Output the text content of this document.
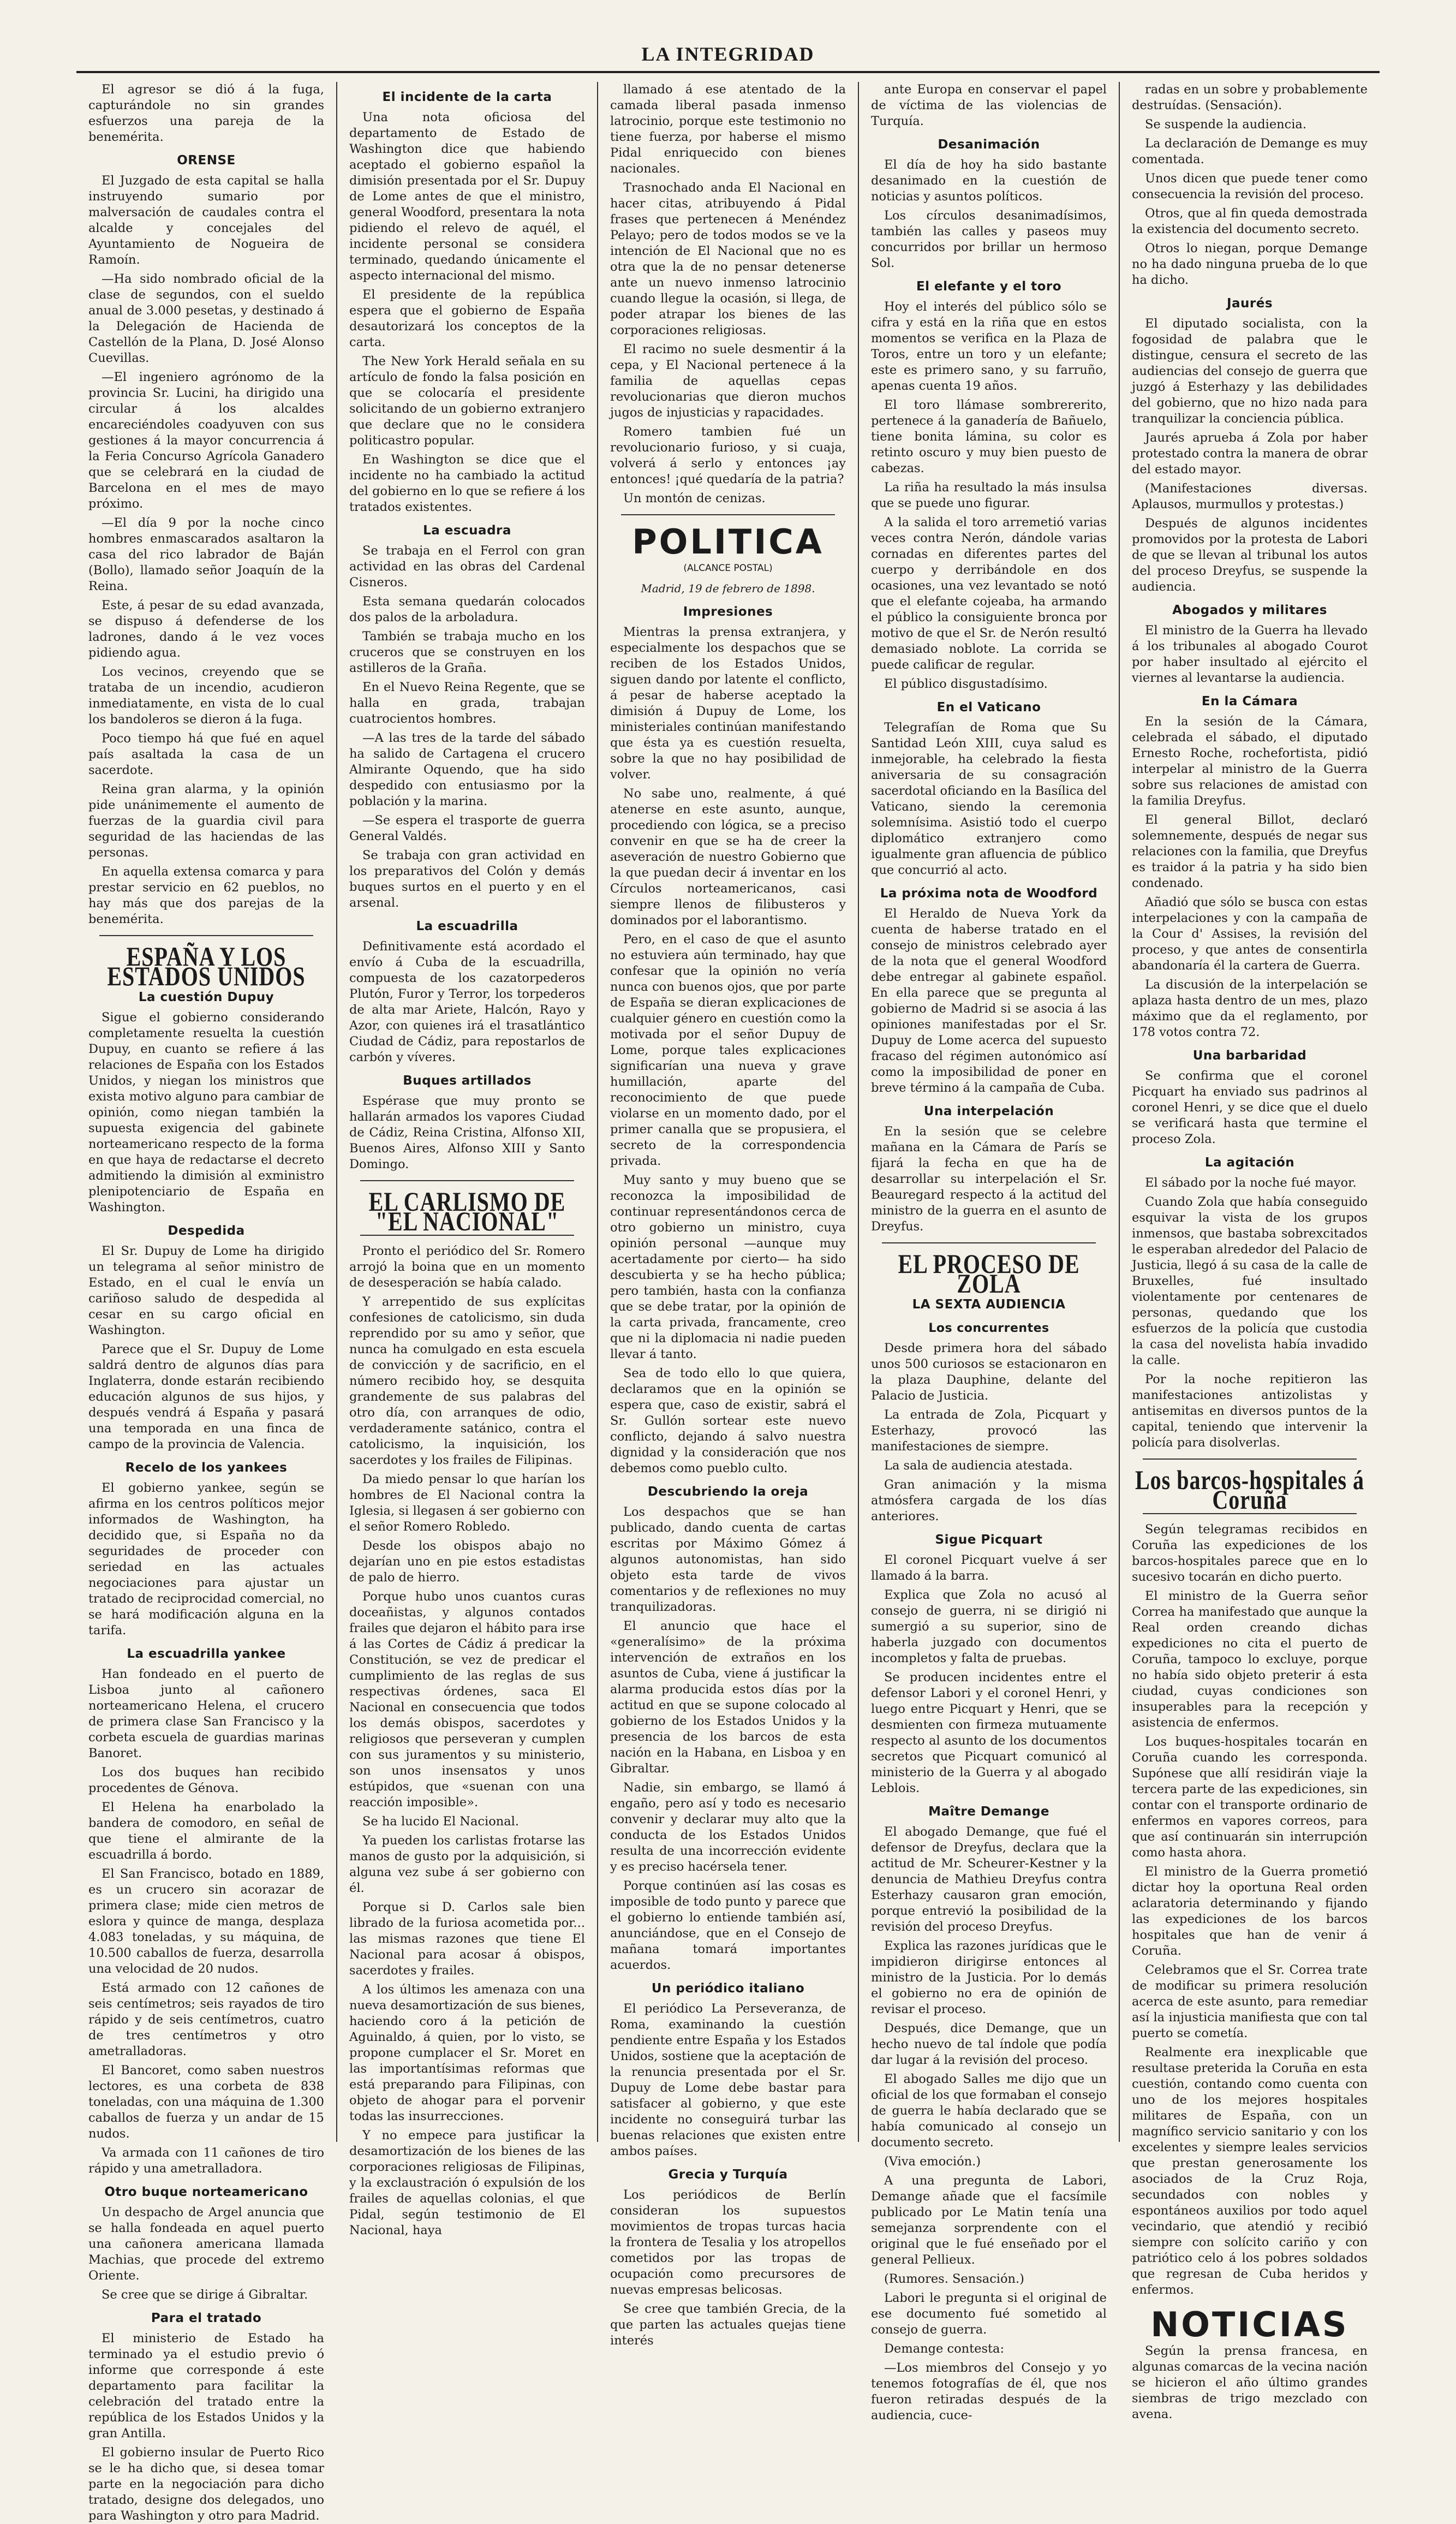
LA INTEGRIDAD

El agresor se dió á la fuga, capturándole no sin grandes esfuerzos una pareja de la benemérita.

ORENSE

El Juzgado de esta capital se halla instruyendo sumario por malversación de caudales contra el alcalde y concejales del Ayuntamiento de Nogueira de Ramoín.

—Ha sido nombrado oficial de la clase de segundos, con el sueldo anual de 3.000 pesetas, y destinado á la Delegación de Hacienda de Castellón de la Plana, D. José Alonso Cuevillas.

—El ingeniero agrónomo de la provincia Sr. Lucini, ha dirigido una circular á los alcaldes encareciéndoles coadyuven con sus gestiones á la mayor concurrencia á la Feria Concurso Agrícola Ganadero que se celebrará en la ciudad de Barcelona en el mes de mayo próximo.

—El día 9 por la noche cinco hombres enmascarados asaltaron la casa del rico labrador de Baján (Bollo), llamado señor Joaquín de la Reina.

Este, á pesar de su edad avanzada, se dispuso á defenderse de los ladrones, dando á le vez voces pidiendo agua.

Los vecinos, creyendo que se trataba de un incendio, acudieron inmediatamente, en vista de lo cual los bandoleros se dieron á la fuga.

Poco tiempo há que fué en aquel país asaltada la casa de un sacerdote.

Reina gran alarma, y la opinión pide unánimemente el aumento de fuerzas de la guardia civil para seguridad de las haciendas de las personas.

En aquella extensa comarca y para prestar servicio en 62 pueblos, no hay más que dos parejas de la benemérita.

ESPAÑA Y LOS ESTADOS UNIDOS
La cuestión Dupuy

Sigue el gobierno considerando completamente resuelta la cuestión Dupuy, en cuanto se refiere á las relaciones de España con los Estados Unidos, y niegan los ministros que exista motivo alguno para cambiar de opinión, como niegan también la supuesta exigencia del gabinete norteamericano respecto de la forma en que haya de redactarse el decreto admitiendo la dimisión al exministro plenipotenciario de España en Washington.

Despedida

El Sr. Dupuy de Lome ha dirigido un telegrama al señor ministro de Estado, en el cual le envía un cariñoso saludo de despedida al cesar en su cargo oficial en Washington.

Parece que el Sr. Dupuy de Lome saldrá dentro de algunos días para Inglaterra, donde estarán recibiendo educación algunos de sus hijos, y después vendrá á España y pasará una temporada en una finca de campo de la provincia de Valencia.

Recelo de los yankees

El gobierno yankee, según se afirma en los centros políticos mejor informados de Washington, ha decidido que, si España no da seguridades de proceder con seriedad en las actuales negociaciones para ajustar un tratado de reciprocidad comercial, no se hará modificación alguna en la tarifa.

La escuadrilla yankee

Han fondeado en el puerto de Lisboa junto al cañonero norteamericano Helena, el crucero de primera clase San Francisco y la corbeta escuela de guardias marinas Banoret.

Los dos buques han recibido procedentes de Génova.

El Helena ha enarbolado la bandera de comodoro, en señal de que tiene el almirante de la escuadrilla á bordo.

El San Francisco, botado en 1889, es un crucero sin acorazar de primera clase; mide cien metros de eslora y quince de manga, desplaza 4.083 toneladas, y su máquina, de 10.500 caballos de fuerza, desarrolla una velocidad de 20 nudos.

Está armado con 12 cañones de seis centímetros; seis rayados de tiro rápido y de seis centímetros, cuatro de tres centímetros y otro ametralladoras.

El Bancoret, como saben nuestros lectores, es una corbeta de 838 toneladas, con una máquina de 1.300 caballos de fuerza y un andar de 15 nudos.

Va armada con 11 cañones de tiro rápido y una ametralladora.

Otro buque norteamericano

Un despacho de Argel anuncia que se halla fondeada en aquel puerto una cañonera americana llamada Machias, que procede del extremo Oriente.

Se cree que se dirige á Gibraltar.

Para el tratado

El ministerio de Estado ha terminado ya el estudio previo ó informe que corresponde á este departamento para facilitar la celebración del tratado entre la república de los Estados Unidos y la gran Antilla.

El gobierno insular de Puerto Rico se le ha dicho que, si desea tomar parte en la negociación para dicho tratado, designe dos delegados, uno para Washington y otro para Madrid.

El incidente de la carta

Una nota oficiosa del departamento de Estado de Washington dice que habiendo aceptado el gobierno español la dimisión presentada por el Sr. Dupuy de Lome antes de que el ministro, general Woodford, presentara la nota pidiendo el relevo de aquél, el incidente personal se considera terminado, quedando únicamente el aspecto internacional del mismo.

El presidente de la república espera que el gobierno de España desautorizará los conceptos de la carta.

The New York Herald señala en su artículo de fondo la falsa posición en que se colocaría el presidente solicitando de un gobierno extranjero que declare que no le considera politicastro popular.

En Washington se dice que el incidente no ha cambiado la actitud del gobierno en lo que se refiere á los tratados existentes.

La escuadra

Se trabaja en el Ferrol con gran actividad en las obras del Cardenal Cisneros.

Esta semana quedarán colocados dos palos de la arboladura.

También se trabaja mucho en los cruceros que se construyen en los astilleros de la Graña.

En el Nuevo Reina Regente, que se halla en grada, trabajan cuatrocientos hombres.

—A las tres de la tarde del sábado ha salido de Cartagena el crucero Almirante Oquendo, que ha sido despedido con entusiasmo por la población y la marina.

—Se espera el trasporte de guerra General Valdés.

Se trabaja con gran actividad en los preparativos del Colón y demás buques surtos en el puerto y en el arsenal.

La escuadrilla

Definitivamente está acordado el envío á Cuba de la escuadrilla, compuesta de los cazatorpederos Plutón, Furor y Terror, los torpederos de alta mar Ariete, Halcón, Rayo y Azor, con quienes irá el trasatlántico Ciudad de Cádiz, para repostarlos de carbón y víveres.

Buques artillados

Espérase que muy pronto se hallarán armados los vapores Ciudad de Cádiz, Reina Cristina, Alfonso XII, Buenos Aires, Alfonso XIII y Santo Domingo.

EL CARLISMO DE "EL NACIONAL"

Pronto el periódico del Sr. Romero arrojó la boina que en un momento de desesperación se había calado.

Y arrepentido de sus explícitas confesiones de catolicismo, sin duda reprendido por su amo y señor, que nunca ha comulgado en esta escuela de convicción y de sacrificio, en el número recibido hoy, se desquita grandemente de sus palabras del otro día, con arranques de odio, verdaderamente satánico, contra el catolicismo, la inquisición, los sacerdotes y los frailes de Filipinas.

Da miedo pensar lo que harían los hombres de El Nacional contra la Iglesia, si llegasen á ser gobierno con el señor Romero Robledo.

Desde los obispos abajo no dejarían uno en pie estos estadistas de palo de hierro.

Porque hubo unos cuantos curas doceañistas, y algunos contados frailes que dejaron el hábito para irse á las Cortes de Cádiz á predicar la Constitución, se vez de predicar el cumplimiento de las reglas de sus respectivas órdenes, saca El Nacional en consecuencia que todos los demás obispos, sacerdotes y religiosos que perseveran y cumplen con sus juramentos y su ministerio, son unos insensatos y unos estúpidos, que «suenan con una reacción imposible».

Se ha lucido El Nacional.

Ya pueden los carlistas frotarse las manos de gusto por la adquisición, si alguna vez sube á ser gobierno con él.

Porque si D. Carlos sale bien librado de la furiosa acometida por... las mismas razones que tiene El Nacional para acosar á obispos, sacerdotes y frailes.

A los últimos les amenaza con una nueva desamortización de sus bienes, haciendo coro á la petición de Aguinaldo, á quien, por lo visto, se propone cumplacer el Sr. Moret en las importantísimas reformas que está preparando para Filipinas, con objeto de ahogar para el porvenir todas las insurrecciones.

Y no empece para justificar la desamortización de los bienes de las corporaciones religiosas de Filipinas, y la exclaustración ó expulsión de los frailes de aquellas colonias, el que Pidal, según testimonio de El Nacional, haya

llamado á ese atentado de la camada liberal pasada inmenso latrocinio, porque este testimonio no tiene fuerza, por haberse el mismo Pidal enriquecido con bienes nacionales.

Trasnochado anda El Nacional en hacer citas, atribuyendo á Pidal frases que pertenecen á Menéndez Pelayo; pero de todos modos se ve la intención de El Nacional que no es otra que la de no pensar detenerse ante un nuevo inmenso latrocinio cuando llegue la ocasión, si llega, de poder atrapar los bienes de las corporaciones religiosas.

El racimo no suele desmentir á la cepa, y El Nacional pertenece á la familia de aquellas cepas revolucionarias que dieron muchos jugos de injusticias y rapacidades.

Romero tambien fué un revolucionario furioso, y si cuaja, volverá á serlo y entonces ¡ay entonces! ¡qué quedaría de la patria?

Un montón de cenizas.

POLITICA
(ALCANCE POSTAL)
Madrid, 19 de febrero de 1898.
Impresiones

Mientras la prensa extranjera, y especialmente los despachos que se reciben de los Estados Unidos, siguen dando por latente el conflicto, á pesar de haberse aceptado la dimisión á Dupuy de Lome, los ministeriales continúan manifestando que ésta ya es cuestión resuelta, sobre la que no hay posibilidad de volver.

No sabe uno, realmente, á qué atenerse en este asunto, aunque, procediendo con lógica, se a preciso convenir en que se ha de creer la aseveración de nuestro Gobierno que la que puedan decir á inventar en los Círculos norteamericanos, casi siempre llenos de filibusteros y dominados por el laborantismo.

Pero, en el caso de que el asunto no estuviera aún terminado, hay que confesar que la opinión no vería nunca con buenos ojos, que por parte de España se dieran explicaciones de cualquier género en cuestión como la motivada por el señor Dupuy de Lome, porque tales explicaciones significarían una nueva y grave humillación, aparte del reconocimiento de que puede violarse en un momento dado, por el primer canalla que se propusiera, el secreto de la correspondencia privada.

Muy santo y muy bueno que se reconozca la imposibilidad de continuar representándonos cerca de otro gobierno un ministro, cuya opinión personal —aunque muy acertadamente por cierto— ha sido descubierta y se ha hecho pública; pero también, hasta con la confianza que se debe tratar, por la opinión de la carta privada, francamente, creo que ni la diplomacia ni nadie pueden llevar á tanto.

Sea de todo ello lo que quiera, declaramos que en la opinión se espera que, caso de existir, sabrá el Sr. Gullón sortear este nuevo conflicto, dejando á salvo nuestra dignidad y la consideración que nos debemos como pueblo culto.

Descubriendo la oreja

Los despachos que se han publicado, dando cuenta de cartas escritas por Máximo Gómez á algunos autonomistas, han sido objeto esta tarde de vivos comentarios y de reflexiones no muy tranquilizadoras.

El anuncio que hace el «generalísimo» de la próxima intervención de extraños en los asuntos de Cuba, viene á justificar la alarma producida estos días por la actitud en que se supone colocado al gobierno de los Estados Unidos y la presencia de los barcos de esta nación en la Habana, en Lisboa y en Gibraltar.

Nadie, sin embargo, se llamó á engaño, pero así y todo es necesario convenir y declarar muy alto que la conducta de los Estados Unidos resulta de una incorrección evidente y es preciso hacérsela tener.

Porque continúen así las cosas es imposible de todo punto y parece que el gobierno lo entiende también así, anunciándose, que en el Consejo de mañana tomará importantes acuerdos.

Un periódico italiano

El periódico La Perseveranza, de Roma, examinando la cuestión pendiente entre España y los Estados Unidos, sostiene que la aceptación de la renuncia presentada por el Sr. Dupuy de Lome debe bastar para satisfacer al gobierno, y que este incidente no conseguirá turbar las buenas relaciones que existen entre ambos países.

Grecia y Turquía

Los periódicos de Berlín consideran los supuestos movimientos de tropas turcas hacia la frontera de Tesalia y los atropellos cometidos por las tropas de ocupación como precursores de nuevas empresas belicosas.

Se cree que también Grecia, de la que parten las actuales quejas tiene interés

ante Europa en conservar el papel de víctima de las violencias de Turquía.

Desanimación

El día de hoy ha sido bastante desanimado en la cuestión de noticias y asuntos políticos.

Los círculos desanimadísimos, también las calles y paseos muy concurridos por brillar un hermoso Sol.

El elefante y el toro

Hoy el interés del público sólo se cifra y está en la riña que en estos momentos se verifica en la Plaza de Toros, entre un toro y un elefante; este es primero sano, y su farruño, apenas cuenta 19 años.

El toro llámase sombrererito, pertenece á la ganadería de Bañuelo, tiene bonita lámina, su color es retinto oscuro y muy bien puesto de cabezas.

La riña ha resultado la más insulsa que se puede uno figurar.

A la salida el toro arremetió varias veces contra Nerón, dándole varias cornadas en diferentes partes del cuerpo y derribándole en dos ocasiones, una vez levantado se notó que el elefante cojeaba, ha armando el público la consiguiente bronca por motivo de que el Sr. de Nerón resultó demasiado noblote. La corrida se puede calificar de regular.

El público disgustadísimo.

En el Vaticano

Telegrafían de Roma que Su Santidad León XIII, cuya salud es inmejorable, ha celebrado la fiesta aniversaria de su consagración sacerdotal oficiando en la Basílica del Vaticano, siendo la ceremonia solemnísima. Asistió todo el cuerpo diplomático extranjero como igualmente gran afluencia de público que concurrió al acto.

La próxima nota de Woodford

El Heraldo de Nueva York da cuenta de haberse tratado en el consejo de ministros celebrado ayer de la nota que el general Woodford debe entregar al gabinete español. En ella parece que se pregunta al gobierno de Madrid si se asocia á las opiniones manifestadas por el Sr. Dupuy de Lome acerca del supuesto fracaso del régimen autonómico así como la imposibilidad de poner en breve término á la campaña de Cuba.

Una interpelación

En la sesión que se celebre mañana en la Cámara de París se fijará la fecha en que ha de desarrollar su interpelación el Sr. Beauregard respecto á la actitud del ministro de la guerra en el asunto de Dreyfus.

EL PROCESO DE ZOLA
LA SEXTA AUDIENCIA
Los concurrentes

Desde primera hora del sábado unos 500 curiosos se estacionaron en la plaza Dauphine, delante del Palacio de Justicia.

La entrada de Zola, Picquart y Esterhazy, provocó las manifestaciones de siempre.

La sala de audiencia atestada.

Gran animación y la misma atmósfera cargada de los días anteriores.

Sigue Picquart

El coronel Picquart vuelve á ser llamado á la barra.

Explica que Zola no acusó al consejo de guerra, ni se dirigió ni sumergió a su superior, sino de haberla juzgado con documentos incompletos y falta de pruebas.

Se producen incidentes entre el defensor Labori y el coronel Henri, y luego entre Picquart y Henri, que se desmienten con firmeza mutuamente respecto al asunto de los documentos secretos que Picquart comunicó al ministerio de la Guerra y al abogado Leblois.

Maître Demange

El abogado Demange, que fué el defensor de Dreyfus, declara que la actitud de Mr. Scheurer-Kestner y la denuncia de Mathieu Dreyfus contra Esterhazy causaron gran emoción, porque entrevió la posibilidad de la revisión del proceso Dreyfus.

Explica las razones jurídicas que le impidieron dirigirse entonces al ministro de la Justicia. Por lo demás el gobierno no era de opinión de revisar el proceso.

Después, dice Demange, que un hecho nuevo de tal índole que podía dar lugar á la revisión del proceso.

El abogado Salles me dijo que un oficial de los que formaban el consejo de guerra le había declarado que se había comunicado al consejo un documento secreto.

(Viva emoción.)

A una pregunta de Labori, Demange añade que el facsímile publicado por Le Matin tenía una semejanza sorprendente con el original que le fué enseñado por el general Pellieux.

(Rumores. Sensación.)

Labori le pregunta si el original de ese documento fué sometido al consejo de guerra.

Demange contesta:

—Los miembros del Consejo y yo tenemos fotografías de él, que nos fueron retiradas después de la audiencia, cuce-

radas en un sobre y probablemente destruídas. (Sensación).

Se suspende la audiencia.

La declaración de Demange es muy comentada.

Unos dicen que puede tener como consecuencia la revisión del proceso.

Otros, que al fin queda demostrada la existencia del documento secreto.

Otros lo niegan, porque Demange no ha dado ninguna prueba de lo que ha dicho.

Jaurés

El diputado socialista, con la fogosidad de palabra que le distingue, censura el secreto de las audiencias del consejo de guerra que juzgó á Esterhazy y las debilidades del gobierno, que no hizo nada para tranquilizar la conciencia pública.

Jaurés aprueba á Zola por haber protestado contra la manera de obrar del estado mayor.

(Manifestaciones diversas. Aplausos, murmullos y protestas.)

Después de algunos incidentes promovidos por la protesta de Labori de que se llevan al tribunal los autos del proceso Dreyfus, se suspende la audiencia.

Abogados y militares

El ministro de la Guerra ha llevado á los tribunales al abogado Courot por haber insultado al ejército el viernes al levantarse la audiencia.

En la Cámara

En la sesión de la Cámara, celebrada el sábado, el diputado Ernesto Roche, rochefortista, pidió interpelar al ministro de la Guerra sobre sus relaciones de amistad con la familia Dreyfus.

El general Billot, declaró solemnemente, después de negar sus relaciones con la familia, que Dreyfus es traidor á la patria y ha sido bien condenado.

Añadió que sólo se busca con estas interpelaciones y con la campaña de la Cour d' Assises, la revisión del proceso, y que antes de consentirla abandonaría él la cartera de Guerra.

La discusión de la interpelación se aplaza hasta dentro de un mes, plazo máximo que da el reglamento, por 178 votos contra 72.

Una barbaridad

Se confirma que el coronel Picquart ha enviado sus padrinos al coronel Henri, y se dice que el duelo se verificará hasta que termine el proceso Zola.

La agitación

El sábado por la noche fué mayor.

Cuando Zola que había conseguido esquivar la vista de los grupos inmensos, que bastaba sobrexcitados le esperaban alrededor del Palacio de Justicia, llegó á su casa de la calle de Bruxelles, fué insultado violentamente por centenares de personas, quedando que los esfuerzos de la policía que custodia la casa del novelista había invadido la calle.

Por la noche repitieron las manifestaciones antizolistas y antisemitas en diversos puntos de la capital, teniendo que intervenir la policía para disolverlas.

Los barcos-hospitales á Coruña

Según telegramas recibidos en Coruña las expediciones de los barcos-hospitales parece que en lo sucesivo tocarán en dicho puerto.

El ministro de la Guerra señor Correa ha manifestado que aunque la Real orden creando dichas expediciones no cita el puerto de Coruña, tampoco lo excluye, porque no había sido objeto preterir á esta ciudad, cuyas condiciones son insuperables para la recepción y asistencia de enfermos.

Los buques-hospitales tocarán en Coruña cuando les corresponda. Supónese que allí residirán viaje la tercera parte de las expediciones, sin contar con el transporte ordinario de enfermos en vapores correos, para que así continuarán sin interrupción como hasta ahora.

El ministro de la Guerra prometió dictar hoy la oportuna Real orden aclaratoria determinando y fijando las expediciones de los barcos hospitales que han de venir á Coruña.

Celebramos que el Sr. Correa trate de modificar su primera resolución acerca de este asunto, para remediar así la injusticia manifiesta que con tal puerto se cometía.

Realmente era inexplicable que resultase preterida la Coruña en esta cuestión, contando como cuenta con uno de los mejores hospitales militares de España, con un magnífico servicio sanitario y con los excelentes y siempre leales servicios que prestan generosamente los asociados de la Cruz Roja, secundados con nobles y espontáneos auxilios por todo aquel vecindario, que atendió y recibió siempre con solícito cariño y con patriótico celo á los pobres soldados que regresan de Cuba heridos y enfermos.

NOTICIAS

Según la prensa francesa, en algunas comarcas de la vecina nación se hicieron el año último grandes siembras de trigo mezclado con avena.
